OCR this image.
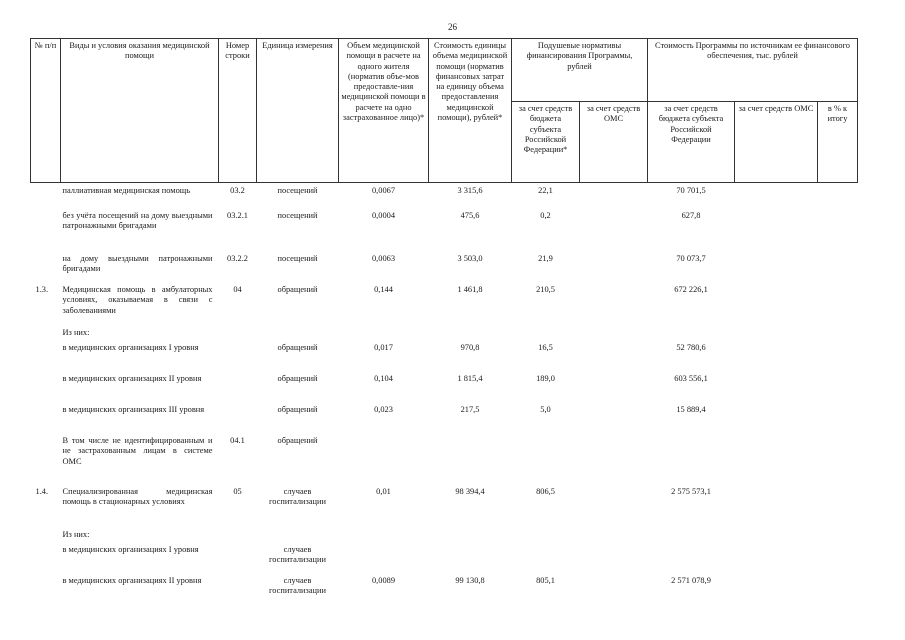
26
№ п/п	Виды и условия оказания медицинской помощи	Номер строки	Единица измерения	Объем медицинской помощи в расчете на одного жителя (норматив объе-мов предоставле-ния медицинской помощи в расчете на одно застрахованное лицо)*	Стоимость единицы объема медицинской помощи (норматив финансовых затрат на единицу объема предоставления медицинской помощи), рублей*	Подушевые нормативы финансирования Программы, рублей		Стоимость Программы по источникам ее финансового обеспечения, тыс. рублей		
						за счет средств бюджета субъекта Российской Федерации*	за счет средств ОМС	за счет средств бюджета субъекта Российской Федерации	за счет средств ОМС	в % к итогу
	паллиативная медицинская помощь	03.2	посещений	0,0067	3 315,6	22,1		70 701,5		
	без учёта посещений на дому выездными патронажными бригадами	03.2.1	посещений	0,0004	475,6	0,2		627,8		
	на дому выездными патронажными бригадами	03.2.2	посещений	0,0063	3 503,0	21,9		70 073,7		
1.3.	Медицинская помощь в амбулаторных условиях, оказываемая в связи с заболеваниями	04	обращений	0,144	1 461,8	210,5		672 226,1		
	Из них:									
	в медицинских организациях I уровня		обращений	0,017	970,8	16,5		52 780,6		
	в медицинских организациях II уровня		обращений	0,104	1 815,4	189,0		603 556,1		
	в медицинских организациях III уровня		обращений	0,023	217,5	5,0		15 889,4		
	В том числе не идентифицированным и не застрахованным лицам в системе ОМС	04.1	обращений							
1.4.	Специализированная медицинская помощь в стационарных условиях	05	случаев госпитализации	0,01	98 394,4	806,5		2 575 573,1		
	Из них:									
	в медицинских организациях I уровня		случаев госпитализации							
	в медицинских организациях II уровня		случаев госпитализации	0,0089	99 130,8	805,1		2 571 078,9		
